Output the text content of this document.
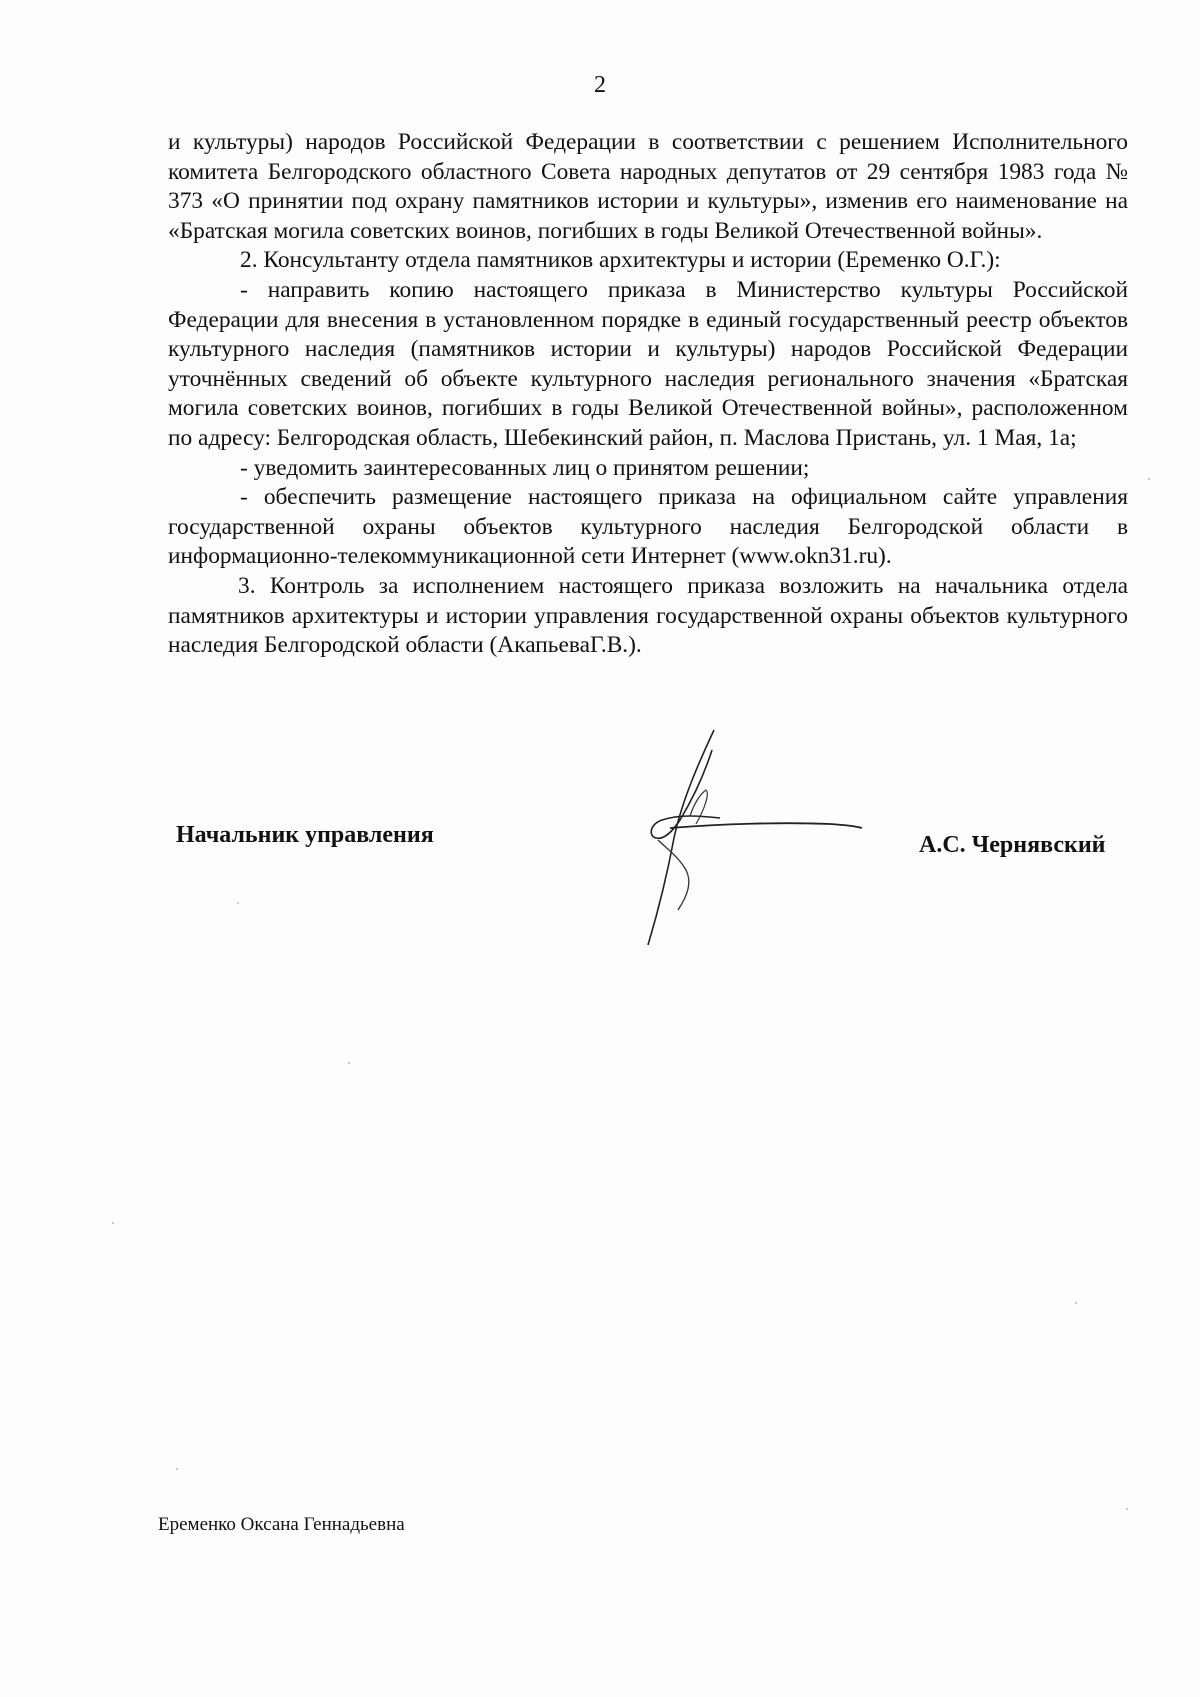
2

и культуры) народов Российской Федерации в соответствии с решением Исполнительного комитета Белгородского областного Совета народных депутатов от 29 сентября 1983 года № 373 «О принятии под охрану памятников истории и культуры», изменив его наименование на «Братская могила советских воинов, погибших в годы Великой Отечественной войны».

2. Консультанту отдела памятников архитектуры и истории (Еременко О.Г.):

- направить копию настоящего приказа в Министерство культуры Российской Федерации для внесения в установленном порядке в единый государственный реестр объектов культурного наследия (памятников истории и культуры) народов Российской Федерации уточнённых сведений об объекте культурного наследия регионального значения «Братская могила советских воинов, погибших в годы Великой Отечественной войны», расположенном по адресу: Белгородская область, Шебекинский район, п. Маслова Пристань, ул. 1 Мая, 1а;

- уведомить заинтересованных лиц о принятом решении;

- обеспечить размещение настоящего приказа на официальном сайте управления государственной охраны объектов культурного наследия Белгородской области в информационно-телекоммуникационной сети Интернет (www.okn31.ru).

3. Контроль за исполнением настоящего приказа возложить на начальника отдела памятников архитектуры и истории управления государственной охраны объектов культурного наследия Белгородской области (АкапьеваГ.В.).

Начальник управления	А.С. Чернявский
Еременко Оксана Геннадьевна
